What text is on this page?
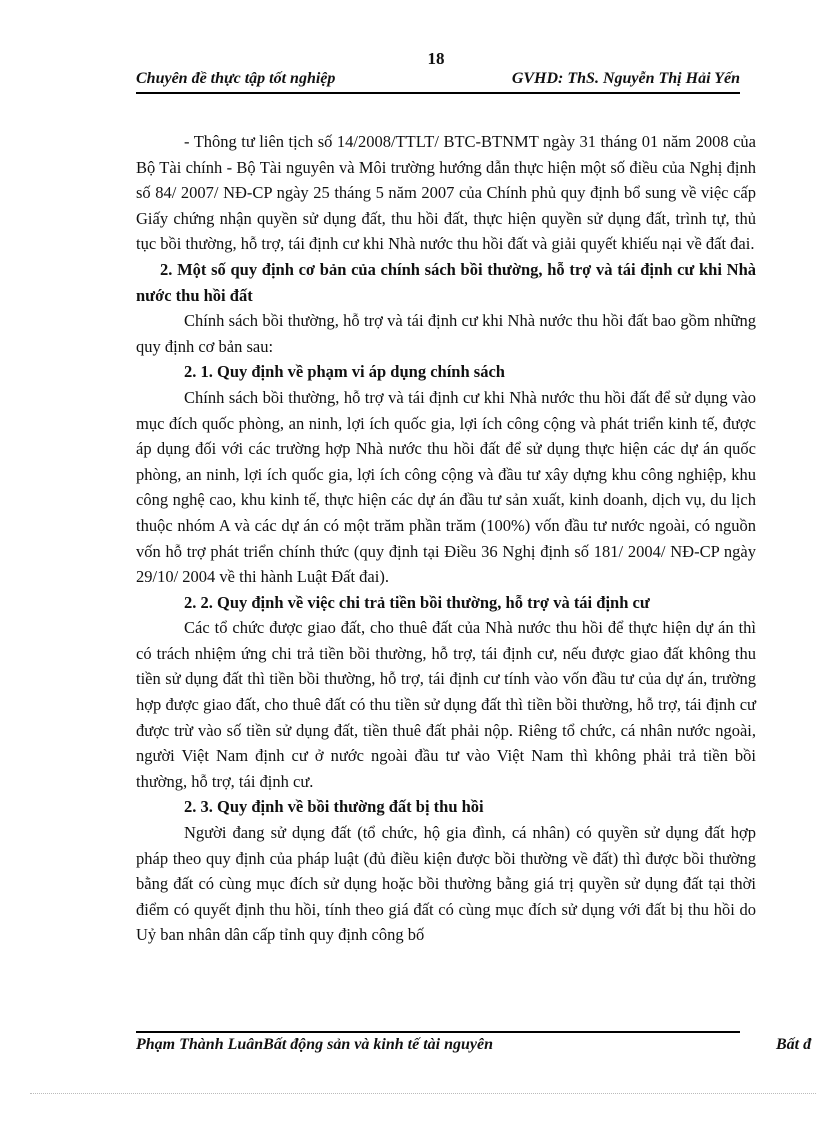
18
Chuyên đề thực tập tốt nghiệp	GVHD: ThS. Nguyễn Thị Hải Yến

- Thông tư liên tịch số 14/2008/TTLT/ BTC-BTNMT ngày 31 tháng 01 năm 2008 của Bộ Tài chính - Bộ Tài nguyên và Môi trường hướng dẫn thực hiện một số điều của Nghị định số 84/ 2007/ NĐ-CP ngày 25 tháng 5 năm 2007 của Chính phủ quy định bổ sung về việc cấp Giấy chứng nhận quyền sử dụng đất, thu hồi đất, thực hiện quyền sử dụng đất, trình tự, thủ tục bồi thường, hỗ trợ, tái định cư khi Nhà nước thu hồi đất và giải quyết khiếu nại về đất đai.

2. Một số quy định cơ bản của chính sách bồi thường, hỗ trợ và tái định cư khi Nhà nước thu hồi đất

Chính sách bồi thường, hỗ trợ và tái định cư khi Nhà nước thu hồi đất bao gồm những quy định cơ bản sau:

2. 1. Quy định về phạm vi áp dụng chính sách

Chính sách bồi thường, hỗ trợ và tái định cư khi Nhà nước thu hồi đất để sử dụng vào mục đích quốc phòng, an ninh, lợi ích quốc gia, lợi ích công cộng và phát triển kinh tế, được áp dụng đối với các trường hợp Nhà nước thu hồi đất để sử dụng thực hiện các dự án quốc phòng, an ninh, lợi ích quốc gia, lợi ích công cộng và đầu tư xây dựng khu công nghiệp, khu công nghệ cao, khu kinh tế, thực hiện các dự án đầu tư sản xuất, kinh doanh, dịch vụ, du lịch thuộc nhóm A và các dự án có một trăm phần trăm (100%) vốn đầu tư nước ngoài, có nguồn vốn hỗ trợ phát triển chính thức (quy định tại Điều 36 Nghị định số 181/ 2004/ NĐ-CP ngày 29/10/ 2004 về thi hành Luật Đất đai).

2. 2. Quy định về việc chi trả tiền bồi thường, hỗ trợ và tái định cư

Các tổ chức được giao đất, cho thuê đất của Nhà nước thu hồi để thực hiện dự án thì có trách nhiệm ứng chi trả tiền bồi thường, hỗ trợ, tái định cư, nếu được giao đất không thu tiền sử dụng đất thì tiền bồi thường, hỗ trợ, tái định cư tính vào vốn đầu tư của dự án, trường hợp được giao đất, cho thuê đất có thu tiền sử dụng đất thì tiền bồi thường, hỗ trợ, tái định cư được trừ vào số tiền sử dụng đất, tiền thuê đất phải nộp. Riêng tổ chức, cá nhân nước ngoài, người Việt Nam định cư ở nước ngoài đầu tư vào Việt Nam thì không phải trả tiền bồi thường, hỗ trợ, tái định cư.

2. 3. Quy định về bồi thường đất bị thu hồi

Người đang sử dụng đất (tổ chức, hộ gia đình, cá nhân) có quyền sử dụng đất hợp pháp theo quy định của pháp luật (đủ điều kiện được bồi thường về đất) thì được bồi thường bằng đất có cùng mục đích sử dụng hoặc bồi thường bằng giá trị quyền sử dụng đất tại thời điểm có quyết định thu hồi, tính theo giá đất có cùng mục đích sử dụng với đất bị thu hồi do Uỷ ban nhân dân cấp tỉnh quy định công bố

Phạm Thành LuânBất động sản và kinh tế tài nguyên	Bất đ
